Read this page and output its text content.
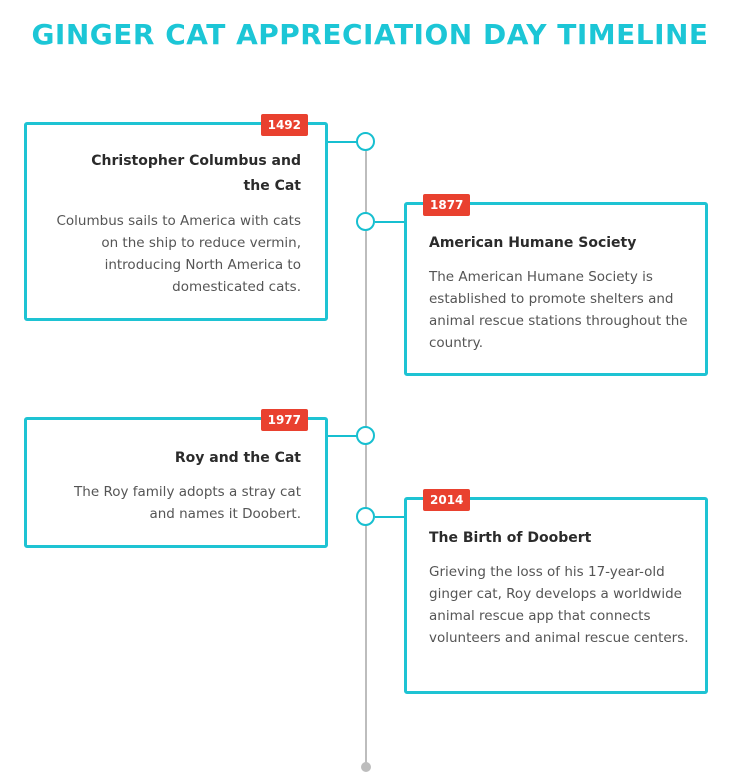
GINGER CAT APPRECIATION DAY TIMELINE
1492
Christopher Columbus and the Cat
Columbus sails to America with cats on the ship to reduce vermin, introducing North America to domesticated cats.
1877
American Humane Society
The American Humane Society is established to promote shelters and animal rescue stations throughout the country.
1977
Roy and the Cat
The Roy family adopts a stray cat and names it Doobert.
2014
The Birth of Doobert
Grieving the loss of his 17-year-old ginger cat, Roy develops a worldwide animal rescue app that connects volunteers and animal rescue centers.
